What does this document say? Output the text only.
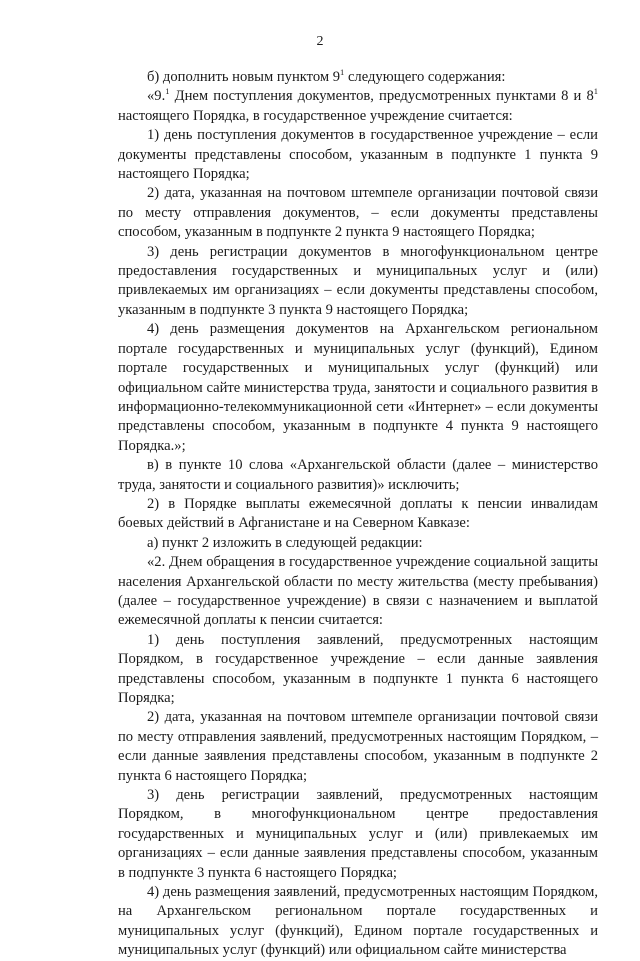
2

б) дополнить новым пунктом $9^1$ следующего содержания:

«9.$^1$ Днем поступления документов, предусмотренных пунктами 8 и $8^1$ настоящего Порядка, в государственное учреждение считается:

1) день поступления документов в государственное учреждение – если документы представлены способом, указанным в подпункте 1 пункта 9 настоящего Порядка;

2) дата, указанная на почтовом штемпеле организации почтовой связи по месту отправления документов, – если документы представлены способом, указанным в подпункте 2 пункта 9 настоящего Порядка;

3) день регистрации документов в многофункциональном центре предоставления государственных и муниципальных услуг и (или) привлекаемых им организациях – если документы представлены способом, указанным в подпункте 3 пункта 9 настоящего Порядка;

4) день размещения документов на Архангельском региональном портале государственных и муниципальных услуг (функций), Едином портале государственных и муниципальных услуг (функций) или официальном сайте министерства труда, занятости и социального развития в информационно-телекоммуникационной сети «Интернет» – если документы представлены способом, указанным в подпункте 4 пункта 9 настоящего Порядка.»;

в) в пункте 10 слова «Архангельской области (далее – министерство труда, занятости и социального развития)» исключить;

2) в Порядке выплаты ежемесячной доплаты к пенсии инвалидам боевых действий в Афганистане и на Северном Кавказе:

а) пункт 2 изложить в следующей редакции:

«2. Днем обращения в государственное учреждение социальной защиты населения Архангельской области по месту жительства (месту пребывания) (далее – государственное учреждение) в связи с назначением и выплатой ежемесячной доплаты к пенсии считается:

1) день поступления заявлений, предусмотренных настоящим Порядком, в государственное учреждение – если данные заявления представлены способом, указанным в подпункте 1 пункта 6 настоящего Порядка;

2) дата, указанная на почтовом штемпеле организации почтовой связи по месту отправления заявлений, предусмотренных настоящим Порядком, – если данные заявления представлены способом, указанным в подпункте 2 пункта 6 настоящего Порядка;

3) день регистрации заявлений, предусмотренных настоящим Порядком, в многофункциональном центре предоставления государственных и муниципальных услуг и (или) привлекаемых им организациях – если данные заявления представлены способом, указанным в подпункте 3 пункта 6 настоящего Порядка;

4) день размещения заявлений, предусмотренных настоящим Порядком, на Архангельском региональном портале государственных и муниципальных услуг (функций), Едином портале государственных и муниципальных услуг (функций) или официальном сайте министерства
